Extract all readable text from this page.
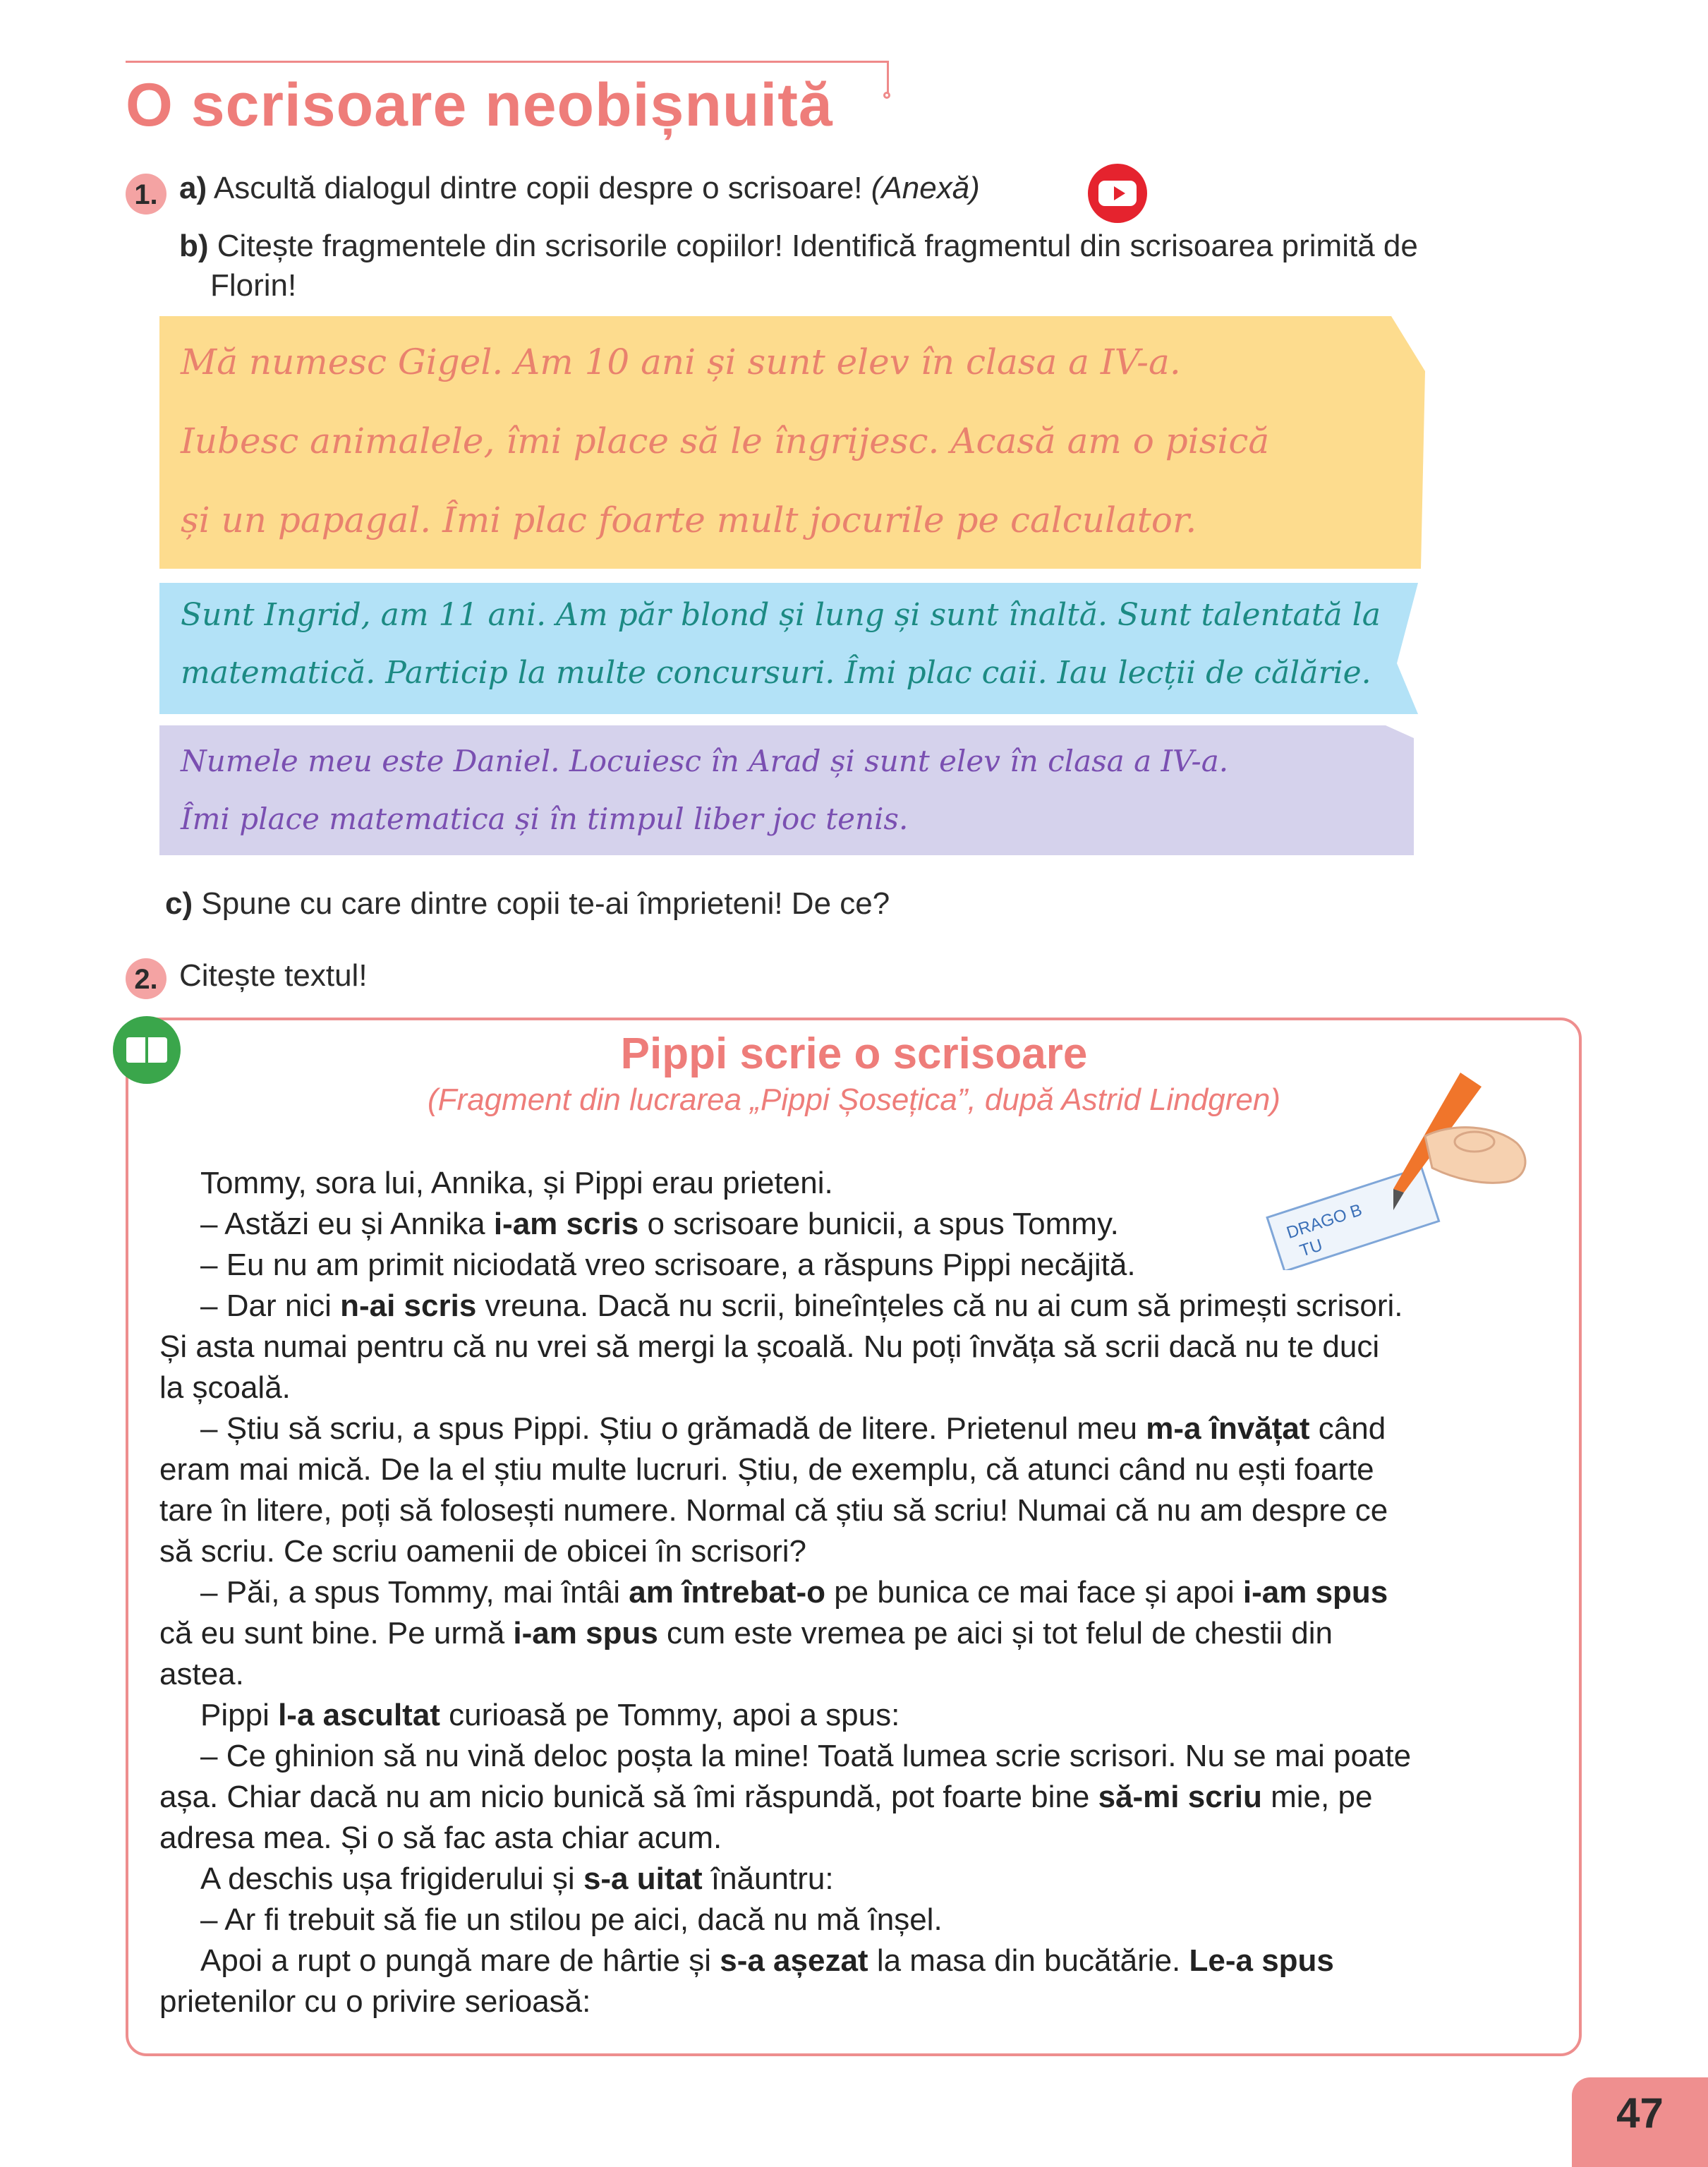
O scrisoare neobișnuită
1. a) Ascultă dialogul dintre copii despre o scrisoare! (Anexă)
b) Citește fragmentele din scrisorile copiilor! Identifică fragmentul din scrisoarea primită de
Florin!
Mă numesc Gigel. Am 10 ani și sunt elev în clasa a IV-a.
Iubesc animalele, îmi place să le îngrijesc. Acasă am o pisică
și un papagal. Îmi plac foarte mult jocurile pe calculator.
Sunt Ingrid, am 11 ani. Am păr blond și lung și sunt înaltă. Sunt talentată la
matematică. Particip la multe concursuri. Îmi plac caii. Iau lecții de călărie.
Numele meu este Daniel. Locuiesc în Arad și sunt elev în clasa a IV-a.
Îmi place matematica și în timpul liber joc tenis.
c) Spune cu care dintre copii te-ai împrieteni! De ce?
2. Citește textul!
Pippi scrie o scrisoare
(Fragment din lucrarea „Pippi Șosețica”, după Astrid Lindgren)
DRAGO B
TU
Tommy, sora lui, Annika, și Pippi erau prieteni.
– Astăzi eu și Annika i-am scris o scrisoare bunicii, a spus Tommy.
– Eu nu am primit niciodată vreo scrisoare, a răspuns Pippi necăjită.
– Dar nici n-ai scris vreuna. Dacă nu scrii, bineînțeles că nu ai cum să primești scrisori.
Și asta numai pentru că nu vrei să mergi la școală. Nu poți învăța să scrii dacă nu te duci
la școală.
– Știu să scriu, a spus Pippi. Știu o grămadă de litere. Prietenul meu m-a învățat când
eram mai mică. De la el știu multe lucruri. Știu, de exemplu, că atunci când nu ești foarte
tare în litere, poți să folosești numere. Normal că știu să scriu! Numai că nu am despre ce
să scriu. Ce scriu oamenii de obicei în scrisori?
– Păi, a spus Tommy, mai întâi am întrebat-o pe bunica ce mai face și apoi i-am spus
că eu sunt bine. Pe urmă i-am spus cum este vremea pe aici și tot felul de chestii din
astea.
Pippi l-a ascultat curioasă pe Tommy, apoi a spus:
– Ce ghinion să nu vină deloc poșta la mine! Toată lumea scrie scrisori. Nu se mai poate
așa. Chiar dacă nu am nicio bunică să îmi răspundă, pot foarte bine să-mi scriu mie, pe
adresa mea. Și o să fac asta chiar acum.
A deschis ușa frigiderului și s-a uitat înăuntru:
– Ar fi trebuit să fie un stilou pe aici, dacă nu mă înșel.
Apoi a rupt o pungă mare de hârtie și s-a așezat la masa din bucătărie. Le-a spus
prietenilor cu o privire serioasă:
47
